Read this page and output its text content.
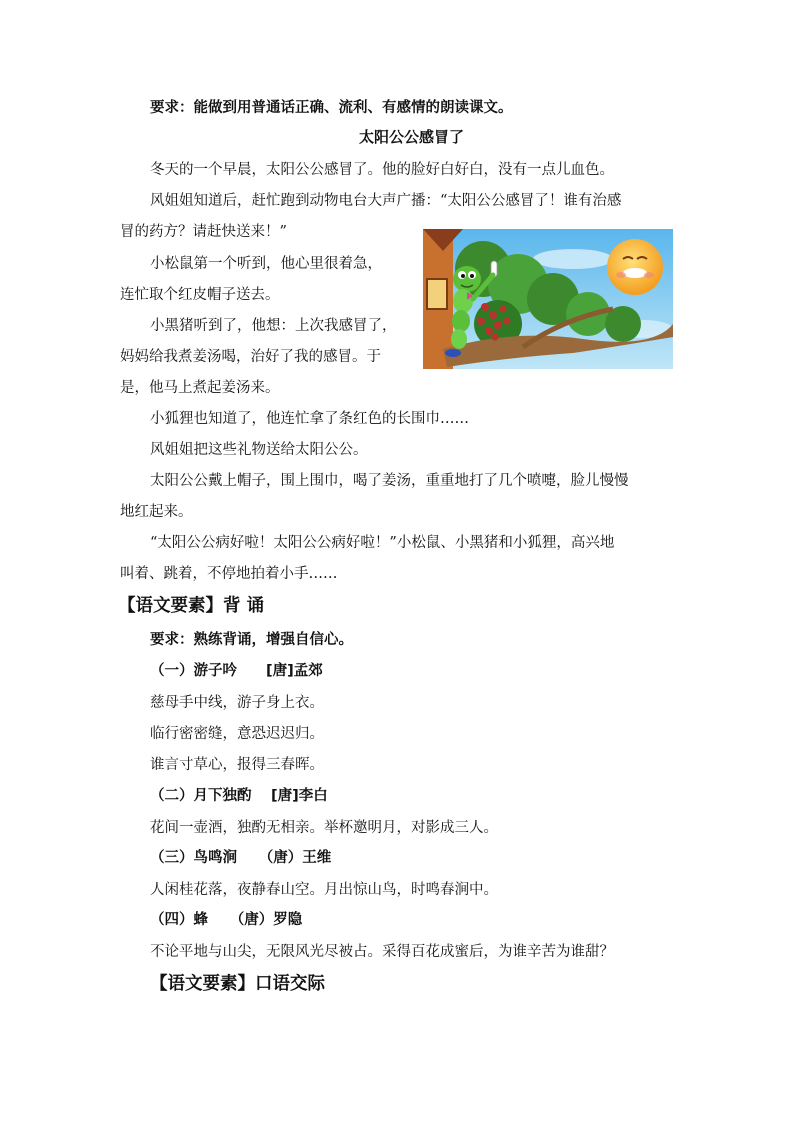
要求：能做到用普通话正确、流利、有感情的朗读课文。
太阳公公感冒了
冬天的一个早晨，太阳公公感冒了。他的脸好白好白，没有一点儿血色。
风姐姐知道后，赶忙跑到动物电台大声广播：“太阳公公感冒了！谁有治感
冒的药方？请赶快送来！”
小松鼠第一个听到，他心里很着急，
连忙取个红皮帽子送去。
小黑猪听到了，他想：上次我感冒了，
妈妈给我煮姜汤喝，治好了我的感冒。于
是，他马上煮起姜汤来。
小狐狸也知道了，他连忙拿了条红色的长围巾……
风姐姐把这些礼物送给太阳公公。
太阳公公戴上帽子，围上围巾，喝了姜汤，重重地打了几个喷嚏，脸儿慢慢
地红起来。
“太阳公公病好啦！太阳公公病好啦！”小松鼠、小黑猪和小狐狸，高兴地
叫着、跳着，不停地拍着小手……
【语文要素】背 诵
要求：熟练背诵，增强自信心。
（一）游子吟　　[唐]孟郊
慈母手中线，游子身上衣。
临行密密缝，意恐迟迟归。
谁言寸草心，报得三春晖。
（二）月下独酌　 [唐]李白
花间一壶酒，独酌无相亲。举杯邀明月，对影成三人。
（三）鸟鸣涧　　（唐）王维
人闲桂花落，夜静春山空。月出惊山鸟，时鸣春涧中。
（四）蜂　　（唐）罗隐
不论平地与山尖，无限风光尽被占。采得百花成蜜后，为谁辛苦为谁甜？
【语文要素】口语交际
